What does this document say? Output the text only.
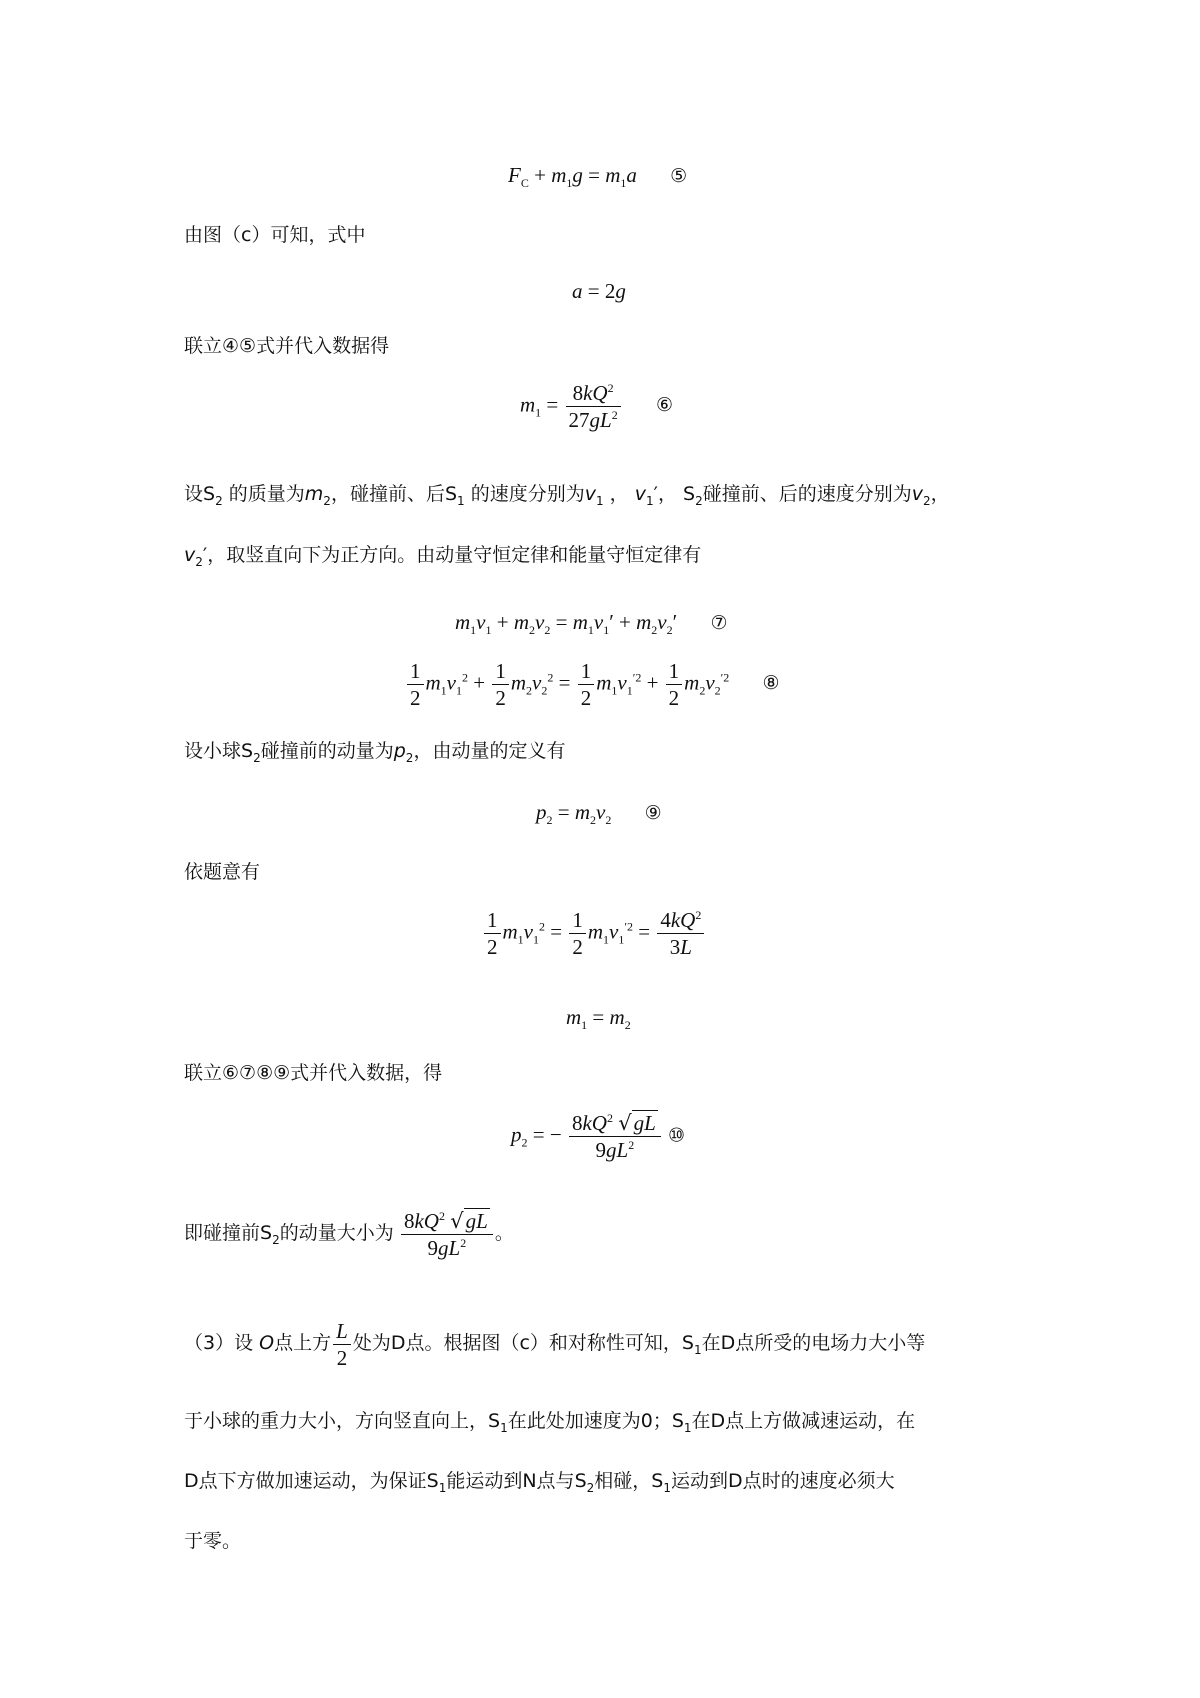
$F_C + m_1g = m_1a$ ⑤
由图（c）可知，式中
a = 2g
联立④⑤式并代入数据得
$m_1 = \frac{8kQ^2}{27gL^2}$ ⑥
设$S_2$ 的质量为$m_2$，碰撞前、后$S_1$ 的速度分别为$v_1$ ， $v_1'$， $S_2$碰撞前、后的速度分别为$v_2$，
$v_2'$，取竖直向下为正方向。由动量守恒定律和能量守恒定律有
$m_1v_1 + m_2v_2 = m_1v_1' + m_2v_2'$ ⑦
$\frac{1}{2} m_1v_1^2 + \frac{1}{2} m_2v_2^2 = \frac{1}{2} m_1v_1^{'2} + \frac{1}{2} m_2v_2^{'2}$ ⑧
设小球$S_2$碰撞前的动量为$p_2$，由动量的定义有
$p_2 = m_2v_2$ ⑨
依题意有
$\frac{1}{2} m_1v_1^2 = \frac{1}{2} m_1v_1^{'2} = \frac{4kQ^2}{3L}$
$m_1 = m_2$
联立⑥⑦⑧⑨式并代入数据，得
$p_2$ = − $\frac{8kQ^2 √gL}{9gL^2}$ ⑩
即碰撞前$S_2$的动量大小为 $\frac{8kQ^2 √gL}{9gL^2}$ 。
（3）设 O点上方 $\frac{L}{2}$ 处为D点。根据图（c）和对称性可知，$S_1$在D点所受的电场力大小等
于小球的重力大小，方向竖直向上，$S_1$在此处加速度为0；$S_1$在D点上方做减速运动，在
D点下方做加速运动，为保证$S_1$能运动到N点与$S_2$相碰，$S_1$运动到D点时的速度必须大
于零。
